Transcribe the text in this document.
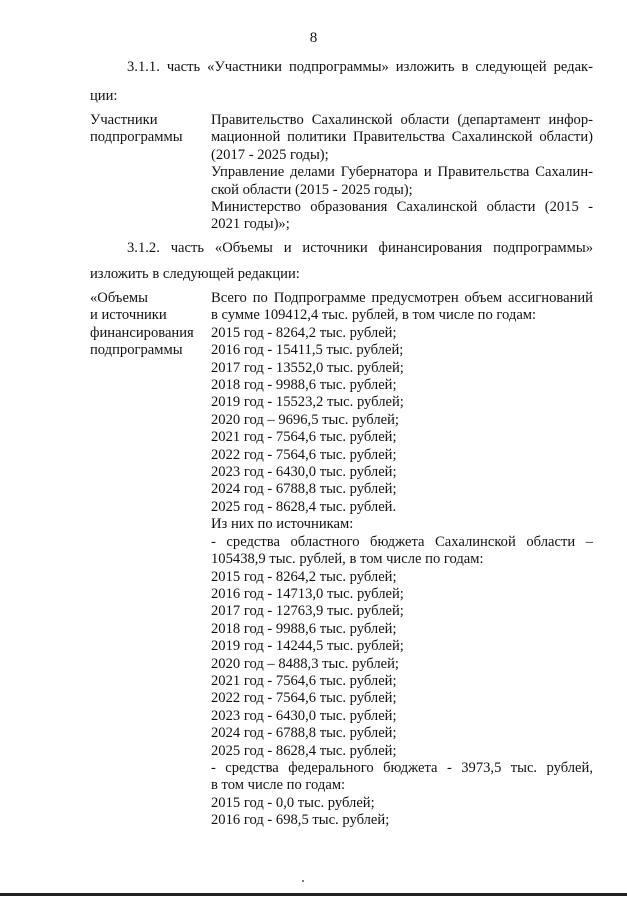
8
3.1.1. часть «Участники подпрограммы» изложить в следующей редак-
ции:
Участники
подпрограммы
Правительство Сахалинской области (департамент инфор-
мационной политики Правительства Сахалинской области)
(2017 - 2025 годы);
Управление делами Губернатора и Правительства Сахалин-
ской области (2015 - 2025 годы);
Министерство образования Сахалинской области (2015 -
2021 годы)»;
3.1.2. часть «Объемы и источники финансирования подпрограммы»
изложить в следующей редакции:
«Объемы
и источники
финансирования
подпрограммы
Всего по Подпрограмме предусмотрен объем ассигнований
в сумме 109412,4 тыс. рублей, в том числе по годам:
2015 год - 8264,2 тыс. рублей;
2016 год - 15411,5 тыс. рублей;
2017 год - 13552,0 тыс. рублей;
2018 год - 9988,6 тыс. рублей;
2019 год - 15523,2 тыс. рублей;
2020 год – 9696,5 тыс. рублей;
2021 год - 7564,6 тыс. рублей;
2022 год - 7564,6 тыс. рублей;
2023 год - 6430,0 тыс. рублей;
2024 год - 6788,8 тыс. рублей;
2025 год - 8628,4 тыс. рублей.
Из них по источникам:
- средства областного бюджета Сахалинской области –
105438,9 тыс. рублей, в том числе по годам:
2015 год - 8264,2 тыс. рублей;
2016 год - 14713,0 тыс. рублей;
2017 год - 12763,9 тыс. рублей;
2018 год - 9988,6 тыс. рублей;
2019 год - 14244,5 тыс. рублей;
2020 год – 8488,3 тыс. рублей;
2021 год - 7564,6 тыс. рублей;
2022 год - 7564,6 тыс. рублей;
2023 год - 6430,0 тыс. рублей;
2024 год - 6788,8 тыс. рублей;
2025 год - 8628,4 тыс. рублей;
- средства федерального бюджета - 3973,5 тыс. рублей,
в том числе по годам:
2015 год - 0,0 тыс. рублей;
2016 год - 698,5 тыс. рублей;
